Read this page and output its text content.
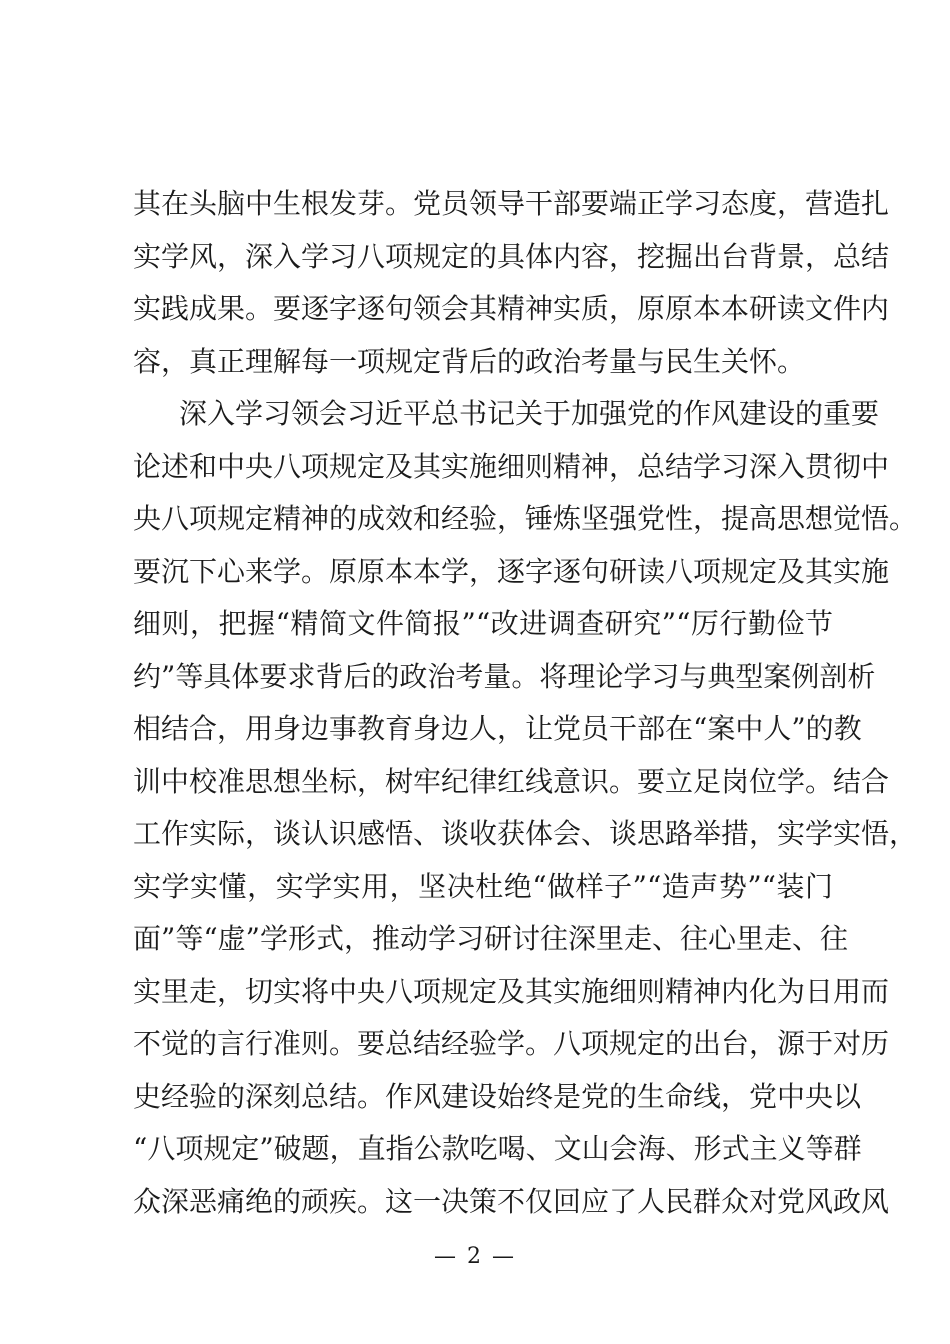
其在头脑中生根发芽。党员领导干部要端正学习态度，营造扎
实学风，深入学习八项规定的具体内容，挖掘出台背景，总结
实践成果。要逐字逐句领会其精神实质，原原本本研读文件内
容，真正理解每一项规定背后的政治考量与民生关怀。
深入学习领会习近平总书记关于加强党的作风建设的重要
论述和中央八项规定及其实施细则精神，总结学习深入贯彻中
央八项规定精神的成效和经验，锤炼坚强党性，提高思想觉悟。
要沉下心来学。原原本本学，逐字逐句研读八项规定及其实施
细则，把握“精简文件简报”“改进调查研究”“厉行勤俭节
约”等具体要求背后的政治考量。将理论学习与典型案例剖析
相结合，用身边事教育身边人，让党员干部在“案中人”的教
训中校准思想坐标，树牢纪律红线意识。要立足岗位学。结合
工作实际，谈认识感悟、谈收获体会、谈思路举措，实学实悟，
实学实懂，实学实用，坚决杜绝“做样子”“造声势”“装门
面”等“虚”学形式，推动学习研讨往深里走、往心里走、往
实里走，切实将中央八项规定及其实施细则精神内化为日用而
不觉的言行准则。要总结经验学。八项规定的出台，源于对历
史经验的深刻总结。作风建设始终是党的生命线，党中央以
“八项规定”破题，直指公款吃喝、文山会海、形式主义等群
众深恶痛绝的顽疾。这一决策不仅回应了人民群众对党风政风
— 2 —
